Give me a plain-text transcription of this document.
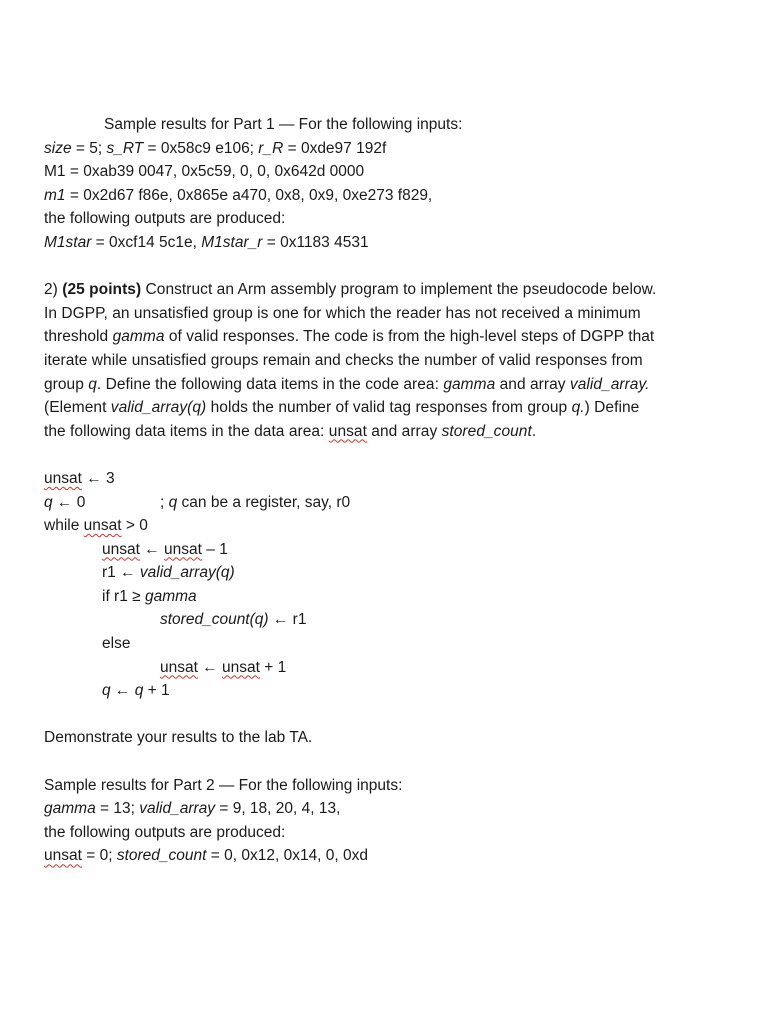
Sample results for Part 1 — For the following inputs:
size = 5; s_RT = 0x58c9 e106; r_R = 0xde97 192f
M1 = 0xab39 0047, 0x5c59, 0, 0, 0x642d 0000
m1 = 0x2d67 f86e, 0x865e a470, 0x8, 0x9, 0xe273 f829,
the following outputs are produced:
M1star = 0xcf14 5c1e, M1star_r = 0x1183 4531
2) (25 points) Construct an Arm assembly program to implement the pseudocode below.
In DGPP, an unsatisfied group is one for which the reader has not received a minimum
threshold gamma of valid responses. The code is from the high-level steps of DGPP that
iterate while unsatisfied groups remain and checks the number of valid responses from
group q. Define the following data items in the code area: gamma and array valid_array.
(Element valid_array(q) holds the number of valid tag responses from group q.) Define
the following data items in the data area: unsat and array stored_count.
unsat ← 3
q ← 0	; q can be a register, say, r0
while unsat > 0
unsat ← unsat – 1
r1 ← valid_array(q)
if r1 ≥ gamma
stored_count(q) ← r1
else
unsat ← unsat + 1
q ← q + 1
Demonstrate your results to the lab TA.
Sample results for Part 2 — For the following inputs:
gamma = 13; valid_array = 9, 18, 20, 4, 13,
the following outputs are produced:
unsat = 0; stored_count = 0, 0x12, 0x14, 0, 0xd
